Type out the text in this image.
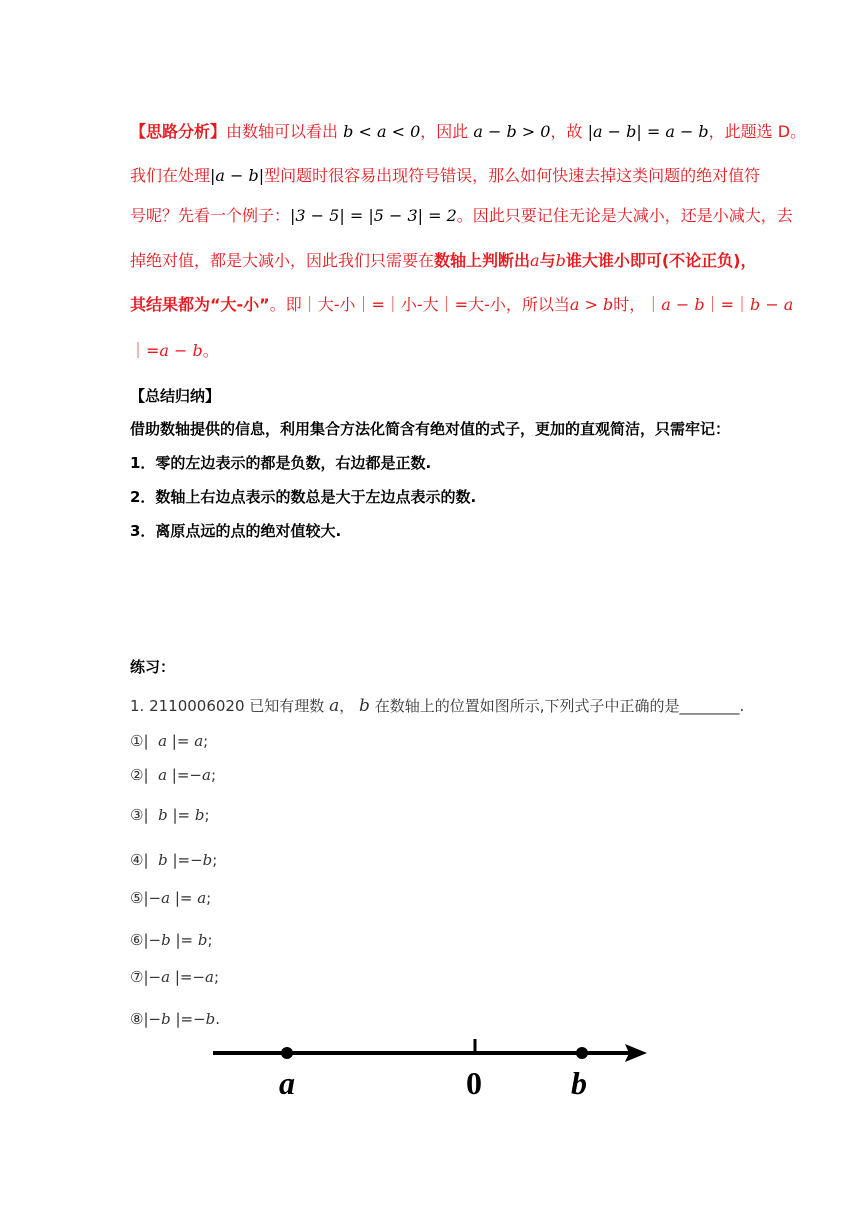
【思路分析】由数轴可以看出 b < a < 0，因此 a − b > 0，故 |a − b| = a − b，此题选 D。
我们在处理|a − b|型问题时很容易出现符号错误，那么如何快速去掉这类问题的绝对值符
号呢？先看一个例子：|3 − 5| = |5 − 3| = 2。因此只要记住无论是大减小，还是小减大，去
掉绝对值，都是大减小，因此我们只需要在数轴上判断出a与b谁大谁小即可(不论正负)，
其结果都为“大-小”。即｜大-小｜=｜小-大｜=大-小，所以当a > b时，｜a − b｜=｜b − a
｜=a − b。
【总结归纳】
借助数轴提供的信息，利用集合方法化简含有绝对值的式子，更加的直观简洁，只需牢记：
1．零的左边表示的都是负数，右边都是正数.
2．数轴上右边点表示的数总是大于左边点表示的数.
3．离原点远的点的绝对值较大.
练习：
1. 2110006020 已知有理数 a， b 在数轴上的位置如图所示,下列式子中正确的是________.
①| a |= a;
②| a |=−a;
③| b |= b;
④| b |=−b;
⑤|−a |= a;
⑥|−b |= b;
⑦|−a |=−a;
⑧|−b |=−b.
a	0	b
